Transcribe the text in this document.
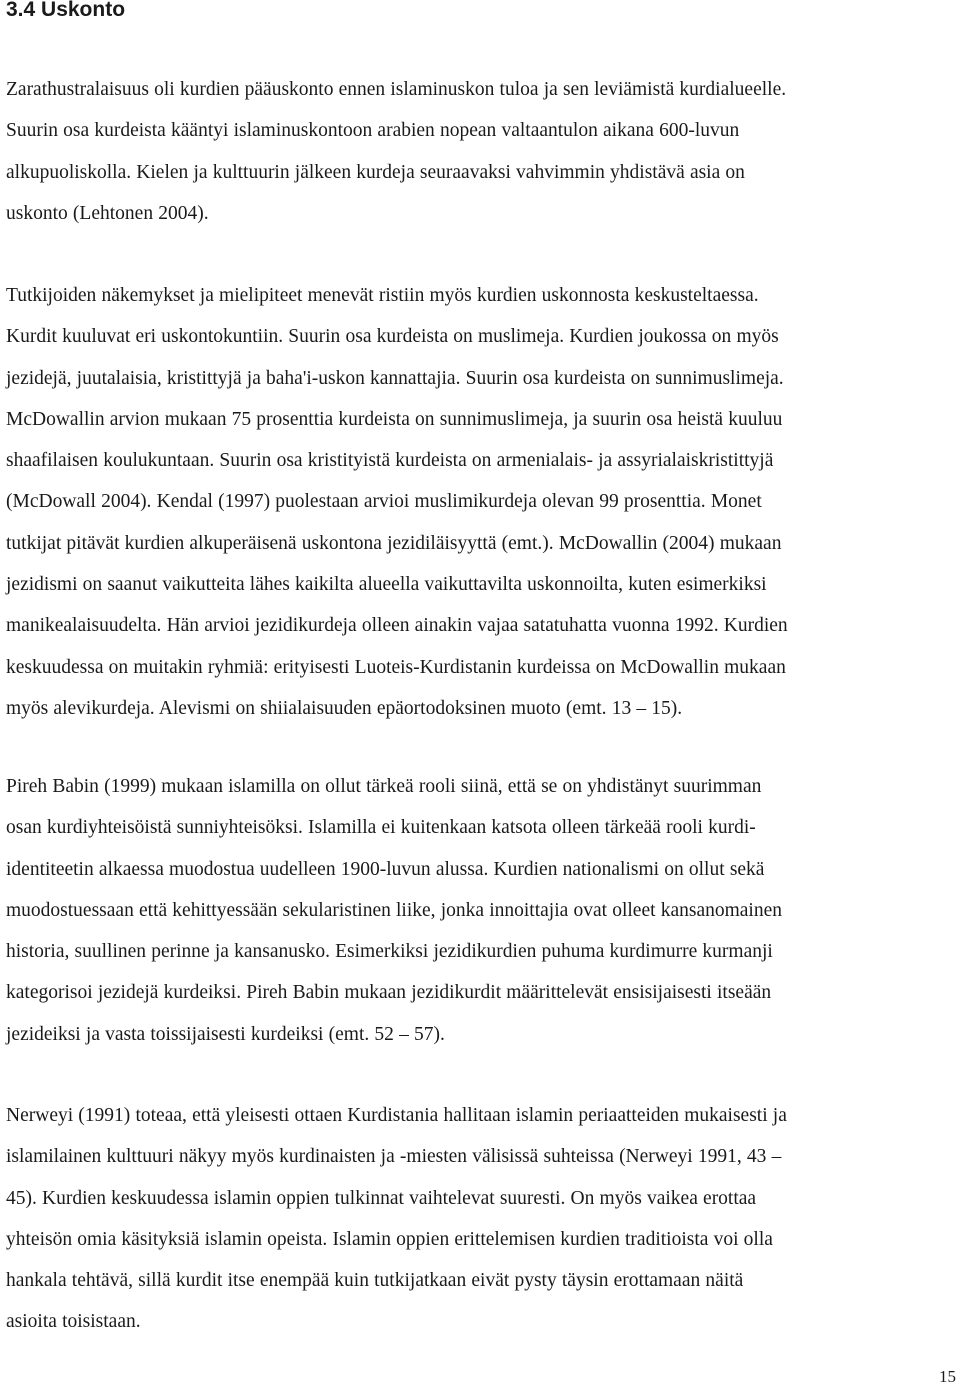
3.4 Uskonto

Zarathustralaisuus oli kurdien pääuskonto ennen islaminuskon tuloa ja sen leviämistä kurdialueelle.
Suurin osa kurdeista kääntyi islaminuskontoon arabien nopean valtaantulon aikana 600-luvun
alkupuoliskolla. Kielen ja kulttuurin jälkeen kurdeja seuraavaksi vahvimmin yhdistävä asia on
uskonto (Lehtonen 2004).

Tutkijoiden näkemykset ja mielipiteet menevät ristiin myös kurdien uskonnosta keskusteltaessa.
Kurdit kuuluvat eri uskontokuntiin. Suurin osa kurdeista on muslimeja. Kurdien joukossa on myös
jezidejä, juutalaisia, kristittyjä ja baha'i-uskon kannattajia. Suurin osa kurdeista on sunnimuslimeja.
McDowallin arvion mukaan 75 prosenttia kurdeista on sunnimuslimeja, ja suurin osa heistä kuuluu
shaafilaisen koulukuntaan. Suurin osa kristityistä kurdeista on armenialais- ja assyrialaiskristittyjä
(McDowall 2004). Kendal (1997) puolestaan arvioi muslimikurdeja olevan 99 prosenttia. Monet
tutkijat pitävät kurdien alkuperäisenä uskontona jezidiläisyyttä (emt.). McDowallin (2004) mukaan
jezidismi on saanut vaikutteita lähes kaikilta alueella vaikuttavilta uskonnoilta, kuten esimerkiksi
manikealaisuudelta. Hän arvioi jezidikurdeja olleen ainakin vajaa satatuhatta vuonna 1992. Kurdien
keskuudessa on muitakin ryhmiä: erityisesti Luoteis-Kurdistanin kurdeissa on McDowallin mukaan
myös alevikurdeja. Alevismi on shiialaisuuden epäortodoksinen muoto (emt. 13 – 15).

Pireh Babin (1999) mukaan islamilla on ollut tärkeä rooli siinä, että se on yhdistänyt suurimman
osan kurdiyhteisöistä sunniyhteisöksi. Islamilla ei kuitenkaan katsota olleen tärkeää rooli kurdi-
identiteetin alkaessa muodostua uudelleen 1900-luvun alussa. Kurdien nationalismi on ollut sekä
muodostuessaan että kehittyessään sekularistinen liike, jonka innoittajia ovat olleet kansanomainen
historia, suullinen perinne ja kansanusko. Esimerkiksi jezidikurdien puhuma kurdimurre kurmanji
kategorisoi jezidejä kurdeiksi. Pireh Babin mukaan jezidikurdit määrittelevät ensisijaisesti itseään
jezideiksi ja vasta toissijaisesti kurdeiksi (emt. 52 – 57).

Nerweyi (1991) toteaa, että yleisesti ottaen Kurdistania hallitaan islamin periaatteiden mukaisesti ja
islamilainen kulttuuri näkyy myös kurdinaisten ja -miesten välisissä suhteissa (Nerweyi 1991, 43 –
45). Kurdien keskuudessa islamin oppien tulkinnat vaihtelevat suuresti. On myös vaikea erottaa
yhteisön omia käsityksiä islamin opeista. Islamin oppien erittelemisen kurdien traditioista voi olla
hankala tehtävä, sillä kurdit itse enempää kuin tutkijatkaan eivät pysty täysin erottamaan näitä
asioita toisistaan.

15
